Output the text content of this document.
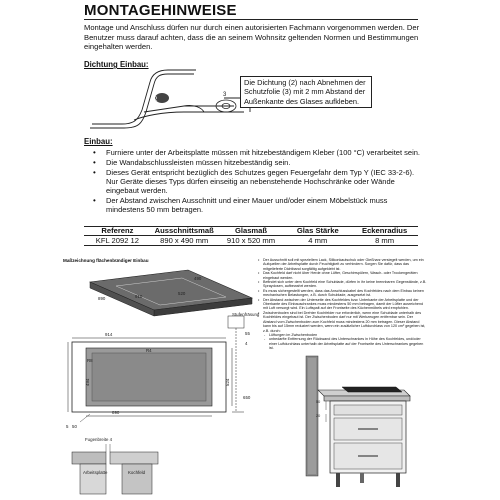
MONTAGEHINWEISE
Montage und Anschluss dürfen nur durch einen autorisierten Fachmann vorgenommen werden. Der Benutzer muss darauf achten, dass die an seinem Wohnsitz geltenden Normen und Bestimmungen eingehalten werden.
Dichtung Einbau:
2
3
Die Dichtung (2) nach Abnehmen der Schutzfolie (3) mit 2 mm Abstand der Außenkante des Glases aufkleben.
Einbau:
• Furniere unter der Arbeitsplatte müssen mit hitzebeständigem Kleber (100 °C) verarbeitet sein.
• Die Wandabschlussleisten müssen hitzebeständig sein.
• Dieses Gerät entspricht bezüglich des Schutzes gegen Feuergefahr dem Typ Y (IEC 33-2-6). Nur Geräte dieses Typs dürfen einseitig an nebenstehende Hochschränke oder Wände eingebaut werden.
• Der Abstand zwischen Ausschnitt und einer Mauer und/oder einem Möbelstück muss mindestens 50 mm betragen.
Referenz	Ausschnittsmaß	Glasmaß	Glas Stärke	Eckenradius
KFL 2092 12	890 x 490 mm	910 x 520 mm	4 mm	8 mm
Maßzeichnung flächenbündiger Einbau
890	910
520
490
914
890
494	524
R4
R8
55
4
650
5 50
Stufenfräsung
Fugenbreite 4
Arbeitsplatte	Kochfeld
• Der Ausschnitt soll mit speziellem Lack, Silikonkautschuk oder Gießharz versiegelt werden, um ein Aufquellen der Arbeitsplatte durch Feuchtigkeit zu verhindern. Sorgen Sie dafür, dass das mitgelieferte Dichtband sorgfältig aufgeklebt ist.
• Das Kochfeld darf nicht über Herde ohne Lüfter, Geschirrspülern, Wasch- oder Trockengeräten eingebaut werden.
• Befindet sich unter dem Kochfeld eine Schublade, dürfen in ihr keine brennbaren Gegenstände, z.B. Spraydosen, aufbewahrt werden.
• Es muss sichergestellt werden, dass das Anschlusskabel des Kochfeldes nach dem Einbau keinen mechanischen Belastungen, z.B. durch Schublade, ausgesetzt ist.
• Der Abstand zwischen der Unterseite des Kochfeldes bzw. Unterkante der Arbeitsplatte und der Oberkante des Einbauschrankes muss mindestens 50 mm betragen, damit der Lüfter ausreichend mit Luft versorgt wird. Ein Luftspalt auf der Frontseite des Küchenmöbels wird empfohlen.
• Zwischenboden sind bei Drehter Kochfelder nur erforderlich, wenn eine Schublade unterhalb des Kochfeldes eingebaut ist. Der Zwischenboden darf nur mit Werkzeugen entfernbar sein. Der Abstand vom Zwischenboden zum Kochfeld muss mindestens 20 mm betragen. Dieser Abstand kann bis auf 15mm reduziert werden, wenn ein zusätzlicher Luftdurchlass von 120 cm² gegeben ist, z.B. durch:
- Lüftungen im Zwischenboden
- unbedarfte Entfernung der Rückwand des Unterschrankes in Höhe des Kochfeldes, und/oder einer Luftdurchlass unterhalb der Arbeitsplatte auf der Frontseite des Unterschrankes gegeben ist.
50
20
